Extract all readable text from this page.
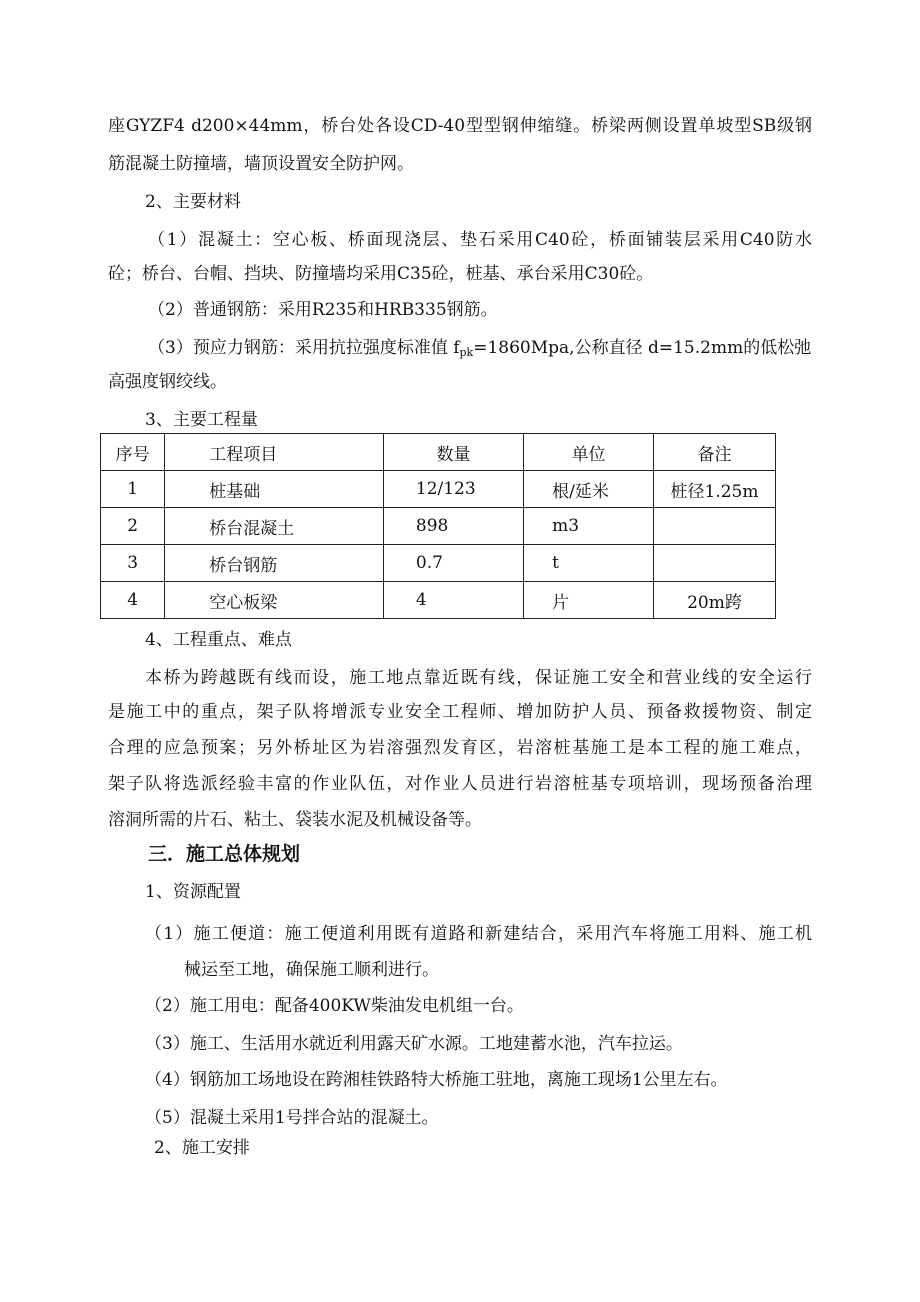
座GYZF4 d200×44mm，桥台处各设CD-40型型钢伸缩缝。桥梁两侧设置单坡型SB级钢
筋混凝土防撞墙，墙顶设置安全防护网。
2、主要材料
（1）混凝土：空心板、桥面现浇层、垫石采用C40砼，桥面铺装层采用C40防水
砼；桥台、台帽、挡块、防撞墙均采用C35砼，桩基、承台采用C30砼。
（2）普通钢筋：采用R235和HRB335钢筋。
（3）预应力钢筋：采用抗拉强度标准值 $f_{pk}=1860Mpa$,公称直径 d=15.2mm的低松弛
高强度钢绞线。
3、主要工程量
序号	工程项目	数量	单位	备注
1	桩基础	12/123	根/延米	桩径1.25m
2	桥台混凝土	898	m3	
3	桥台钢筋	0.7	t	
4	空心板梁	4	片	20m跨
4、工程重点、难点
本桥为跨越既有线而设，施工地点靠近既有线，保证施工安全和营业线的安全运行
是施工中的重点，架子队将增派专业安全工程师、增加防护人员、预备救援物资、制定
合理的应急预案；另外桥址区为岩溶强烈发育区，岩溶桩基施工是本工程的施工难点，
架子队将选派经验丰富的作业队伍，对作业人员进行岩溶桩基专项培训，现场预备治理
溶洞所需的片石、粘土、袋装水泥及机械设备等。
三．施工总体规划
1、资源配置
（1）施工便道：施工便道利用既有道路和新建结合，采用汽车将施工用料、施工机
械运至工地，确保施工顺利进行。
（2）施工用电：配备400KW柴油发电机组一台。
（3）施工、生活用水就近利用露天矿水源。工地建蓄水池，汽车拉运。
（4）钢筋加工场地设在跨湘桂铁路特大桥施工驻地，离施工现场1公里左右。
（5）混凝土采用1号拌合站的混凝土。
2、施工安排
